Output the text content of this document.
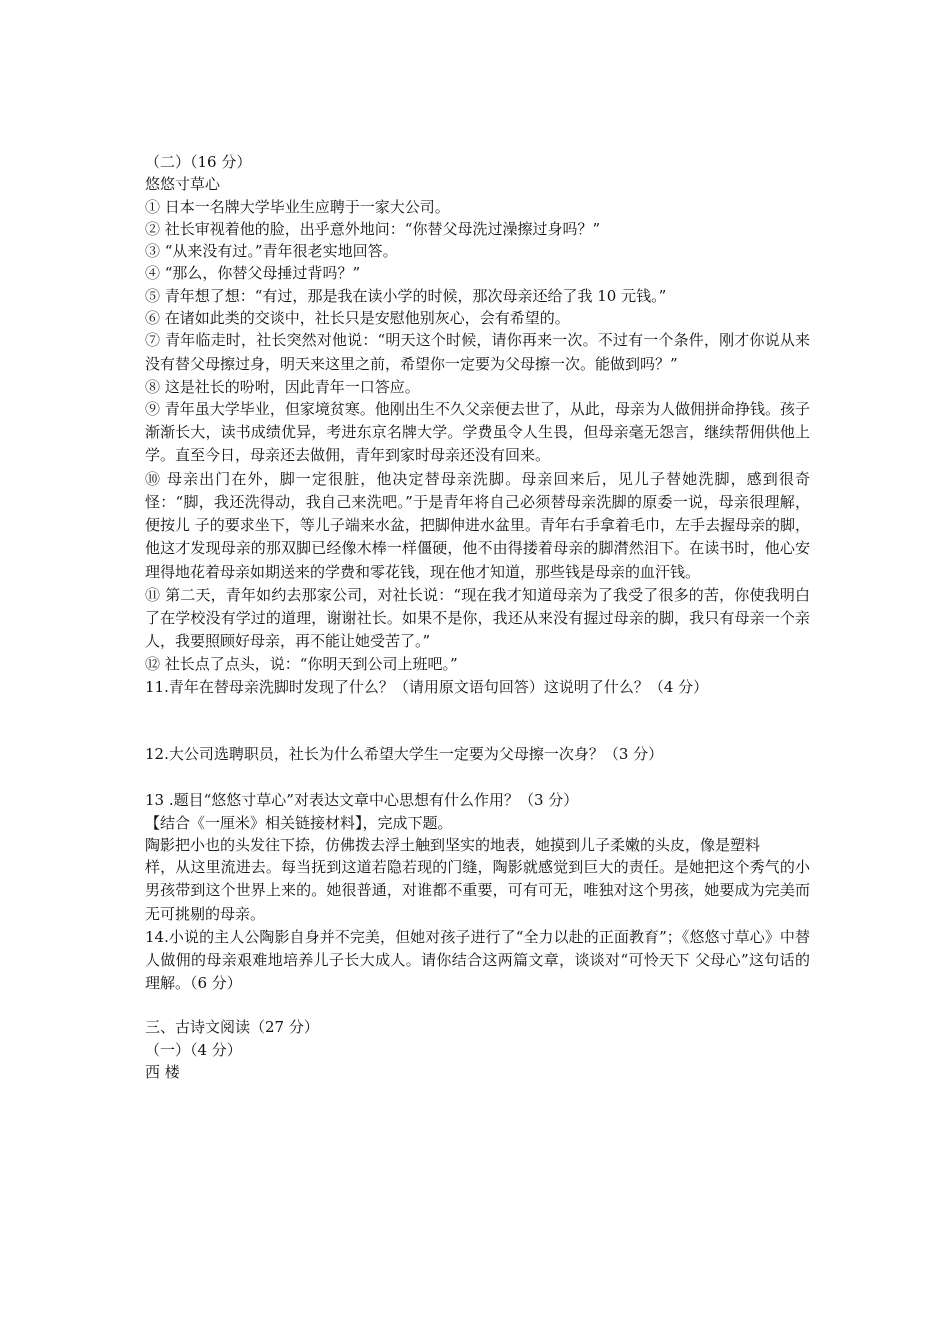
（二）（16 分）
悠悠寸草心
① 日本一名牌大学毕业生应聘于一家大公司。
② 社长审视着他的脸，出乎意外地问：“你替父母洗过澡擦过身吗？”
③ “从来没有过。”青年很老实地回答。
④ “那么，你替父母捶过背吗？”
⑤ 青年想了想：“有过，那是我在读小学的时候，那次母亲还给了我 10 元钱。”
⑥ 在诸如此类的交谈中，社长只是安慰他别灰心，会有希望的。
⑦ 青年临走时，社长突然对他说：“明天这个时候，请你再来一次。不过有一个条件，刚才你说从来没有替父母擦过身，明天来这里之前，希望你一定要为父母擦一次。能做到吗？”
⑧ 这是社长的吩咐，因此青年一口答应。
⑨ 青年虽大学毕业，但家境贫寒。他刚出生不久父亲便去世了，从此，母亲为人做佣拼命挣钱。孩子渐渐长大，读书成绩优异，考进东京名牌大学。学费虽令人生畏，但母亲毫无怨言，继续帮佣供他上学。直至今日，母亲还去做佣，青年到家时母亲还没有回来。
⑩ 母亲出门在外，脚一定很脏，他决定替母亲洗脚。母亲回来后，见儿子替她洗脚，感到很奇怪：“脚，我还洗得动，我自己来洗吧。”于是青年将自己必须替母亲洗脚的原委一说，母亲很理解，便按儿 子的要求坐下，等儿子端来水盆，把脚伸进水盆里。青年右手拿着毛巾，左手去握母亲的脚，他这才发现母亲的那双脚已经像木棒一样僵硬，他不由得搂着母亲的脚潸然泪下。在读书时，他心安理得地花着母亲如期送来的学费和零花钱，现在他才知道，那些钱是母亲的血汗钱。
⑪ 第二天，青年如约去那家公司，对社长说：“现在我才知道母亲为了我受了很多的苦，你使我明白了在学校没有学过的道理，谢谢社长。如果不是你，我还从来没有握过母亲的脚，我只有母亲一个亲人，我要照顾好母亲，再不能让她受苦了。”
⑫ 社长点了点头，说：“你明天到公司上班吧。”
11.青年在替母亲洗脚时发现了什么？（请用原文语句回答）这说明了什么？（4 分）
12.大公司选聘职员，社长为什么希望大学生一定要为父母擦一次身？（3 分）
13 .题目“悠悠寸草心”对表达文章中心思想有什么作用？（3 分）
【结合《一厘米》相关链接材料】，完成下题。
陶影把小也的头发往下捺，仿佛拨去浮土触到坚实的地表，她摸到儿子柔嫩的头皮，像是塑料
样，从这里流进去。每当抚到这道若隐若现的门缝，陶影就感觉到巨大的责任。是她把这个秀气的小男孩带到这个世界上来的。她很普通，对谁都不重要，可有可无，唯独对这个男孩，她要成为完美而无可挑剔的母亲。
14.小说的主人公陶影自身并不完美，但她对孩子进行了“全力以赴的正面教育”；《悠悠寸草心》中替人做佣的母亲艰难地培养儿子长大成人。请你结合这两篇文章，谈谈对“可怜天下 父母心”这句话的理解。（6 分）
三、古诗文阅读（27 分）
（一）（4 分）
西 楼
